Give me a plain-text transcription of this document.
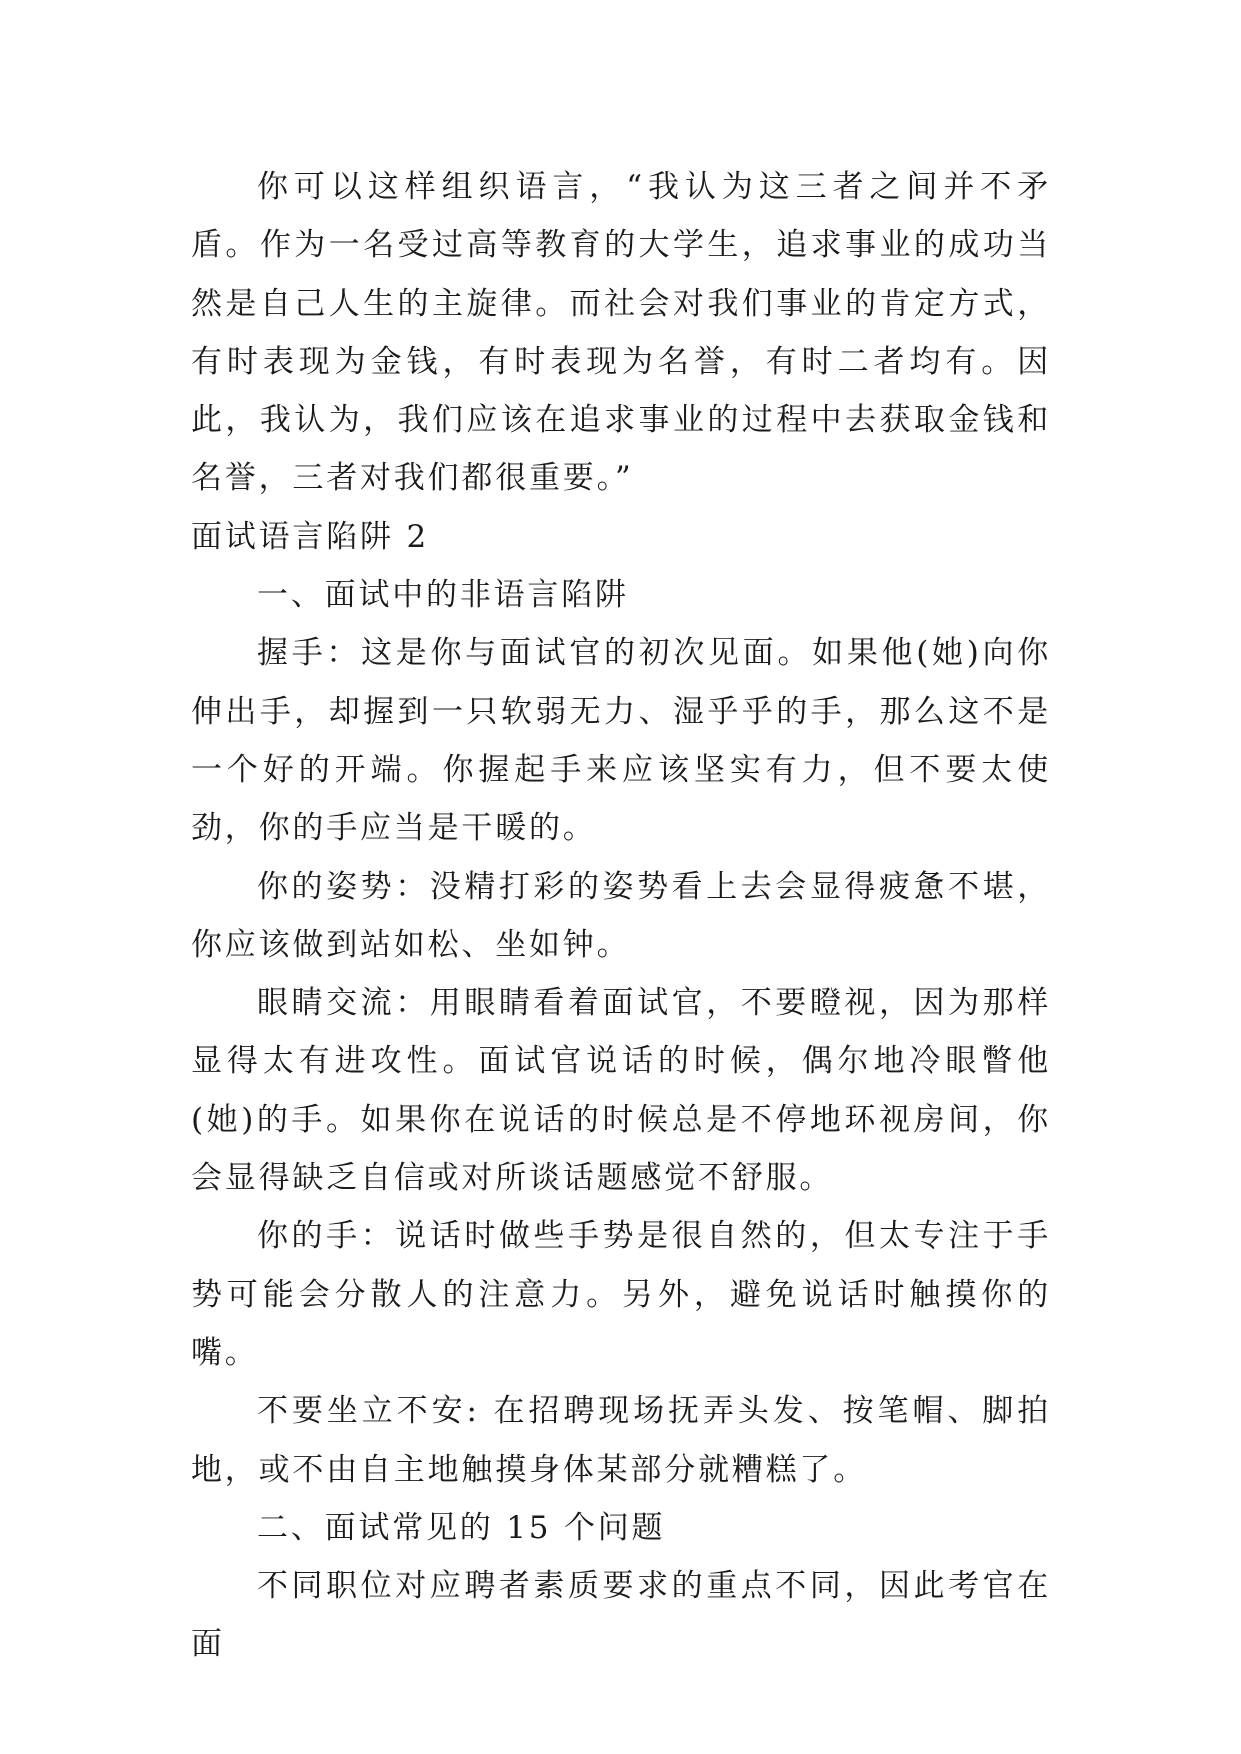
你可以这样组织语言，“我认为这三者之间并不矛盾。作为一名受过高等教育的大学生，追求事业的成功当然是自己人生的主旋律。而社会对我们事业的肯定方式，有时表现为金钱，有时表现为名誉，有时二者均有。因此，我认为，我们应该在追求事业的过程中去获取金钱和名誉，三者对我们都很重要。”

面试语言陷阱 2

一、面试中的非语言陷阱

握手：这是你与面试官的初次见面。如果他(她)向你伸出手，却握到一只软弱无力、湿乎乎的手，那么这不是一个好的开端。你握起手来应该坚实有力，但不要太使劲，你的手应当是干暖的。

你的姿势：没精打彩的姿势看上去会显得疲惫不堪，你应该做到站如松、坐如钟。

眼睛交流：用眼睛看着面试官，不要瞪视，因为那样显得太有进攻性。面试官说话的时候，偶尔地冷眼瞥他(她)的手。如果你在说话的时候总是不停地环视房间，你会显得缺乏自信或对所谈话题感觉不舒服。

你的手：说话时做些手势是很自然的，但太专注于手势可能会分散人的注意力。另外，避免说话时触摸你的嘴。

不要坐立不安: 在招聘现场抚弄头发、按笔帽、脚拍地，或不由自主地触摸身体某部分就糟糕了。

二、面试常见的 15 个问题

不同职位对应聘者素质要求的重点不同，因此考官在面
